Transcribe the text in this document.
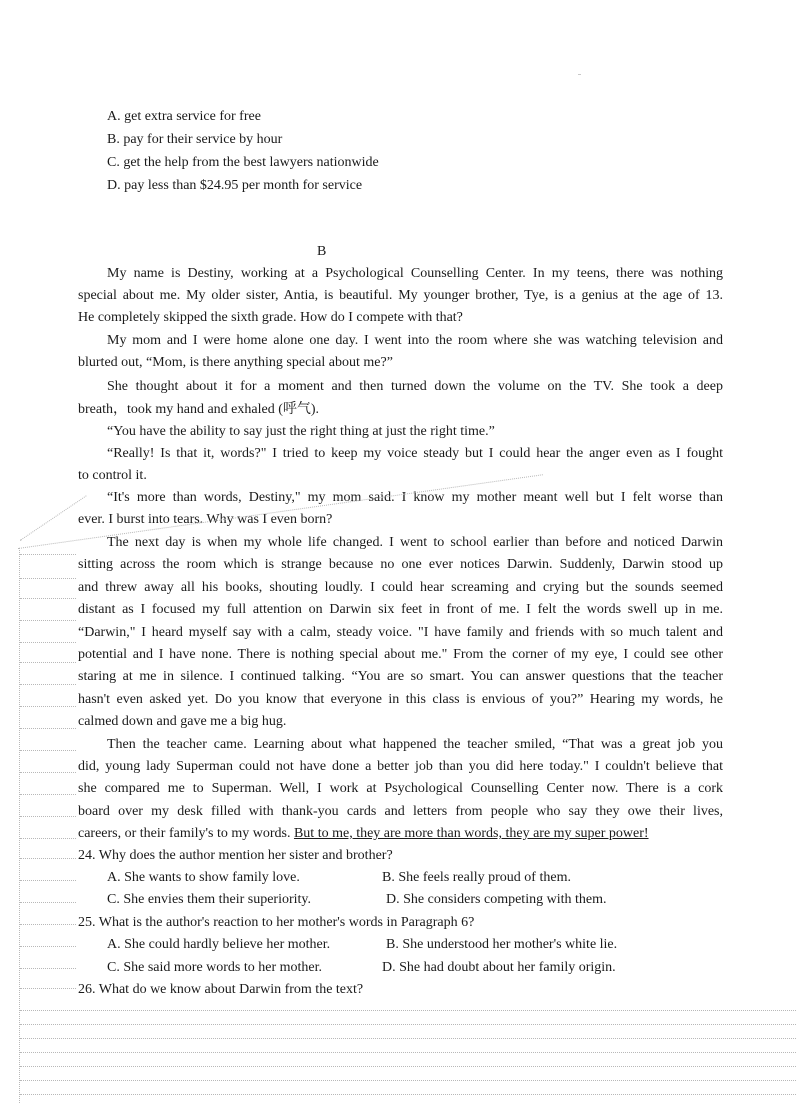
A. get extra service for free
B. pay for their service by hour
C. get the help from the best lawyers nationwide
D. pay less than $24.95 per month for service
B
My name is Destiny, working at a Psychological Counselling Center. In my teens, there was nothing
special about me. My older sister, Antia, is beautiful. My younger brother, Tye, is a genius at the age of 13.
He completely skipped the sixth grade. How do I compete with that?
My mom and I were home alone one day. I went into the room where she was watching television and
blurted out, “Mom, is there anything special about me?”
She thought about it for a moment and then turned down the volume on the TV. She took a deep
breath，took my hand and exhaled (呼气).
“You have the ability to say just the right thing at just the right time.”
“Really! Is that it, words?" I tried to keep my voice steady but I could hear the anger even as I fought
to control it.
“It's more than words, Destiny," my mom said. I know my mother meant well but I felt worse than
ever. I burst into tears. Why was I even born?
The next day is when my whole life changed. I went to school earlier than before and noticed Darwin
sitting across the room which is strange because no one ever notices Darwin. Suddenly, Darwin stood up
and threw away all his books, shouting loudly. I could hear screaming and crying but the sounds seemed
distant as I focused my full attention on Darwin six feet in front of me. I felt the words swell up in me.
“Darwin," I heard myself say with a calm, steady voice. "I have family and friends with so much talent and
potential and I have none. There is nothing special about me." From the corner of my eye, I could see other
staring at me in silence. I continued talking. “You are so smart. You can answer questions that the teacher
hasn't even asked yet. Do you know that everyone in this class is envious of you?” Hearing my words, he
calmed down and gave me a big hug.
Then the teacher came. Learning about what happened the teacher smiled, “That was a great job you
did, young lady Superman could not have done a better job than you did here today." I couldn't believe that
she compared me to Superman. Well, I work at Psychological Counselling Center now. There is a cork
board over my desk filled with thank-you cards and letters from people who say they owe their lives,
careers, or their family's to my words. But to me, they are more than words, they are my super power!
24. Why does the author mention her sister and brother?
A. She wants to show family love.	B. She feels really proud of them.
C. She envies them their superiority.	D. She considers competing with them.
25. What is the author's reaction to her mother's words in Paragraph 6?
A. She could hardly believe her mother.	B. She understood her mother's white lie.
C. She said more words to her mother.	D. She had doubt about her family origin.
26. What do we know about Darwin from the text?
